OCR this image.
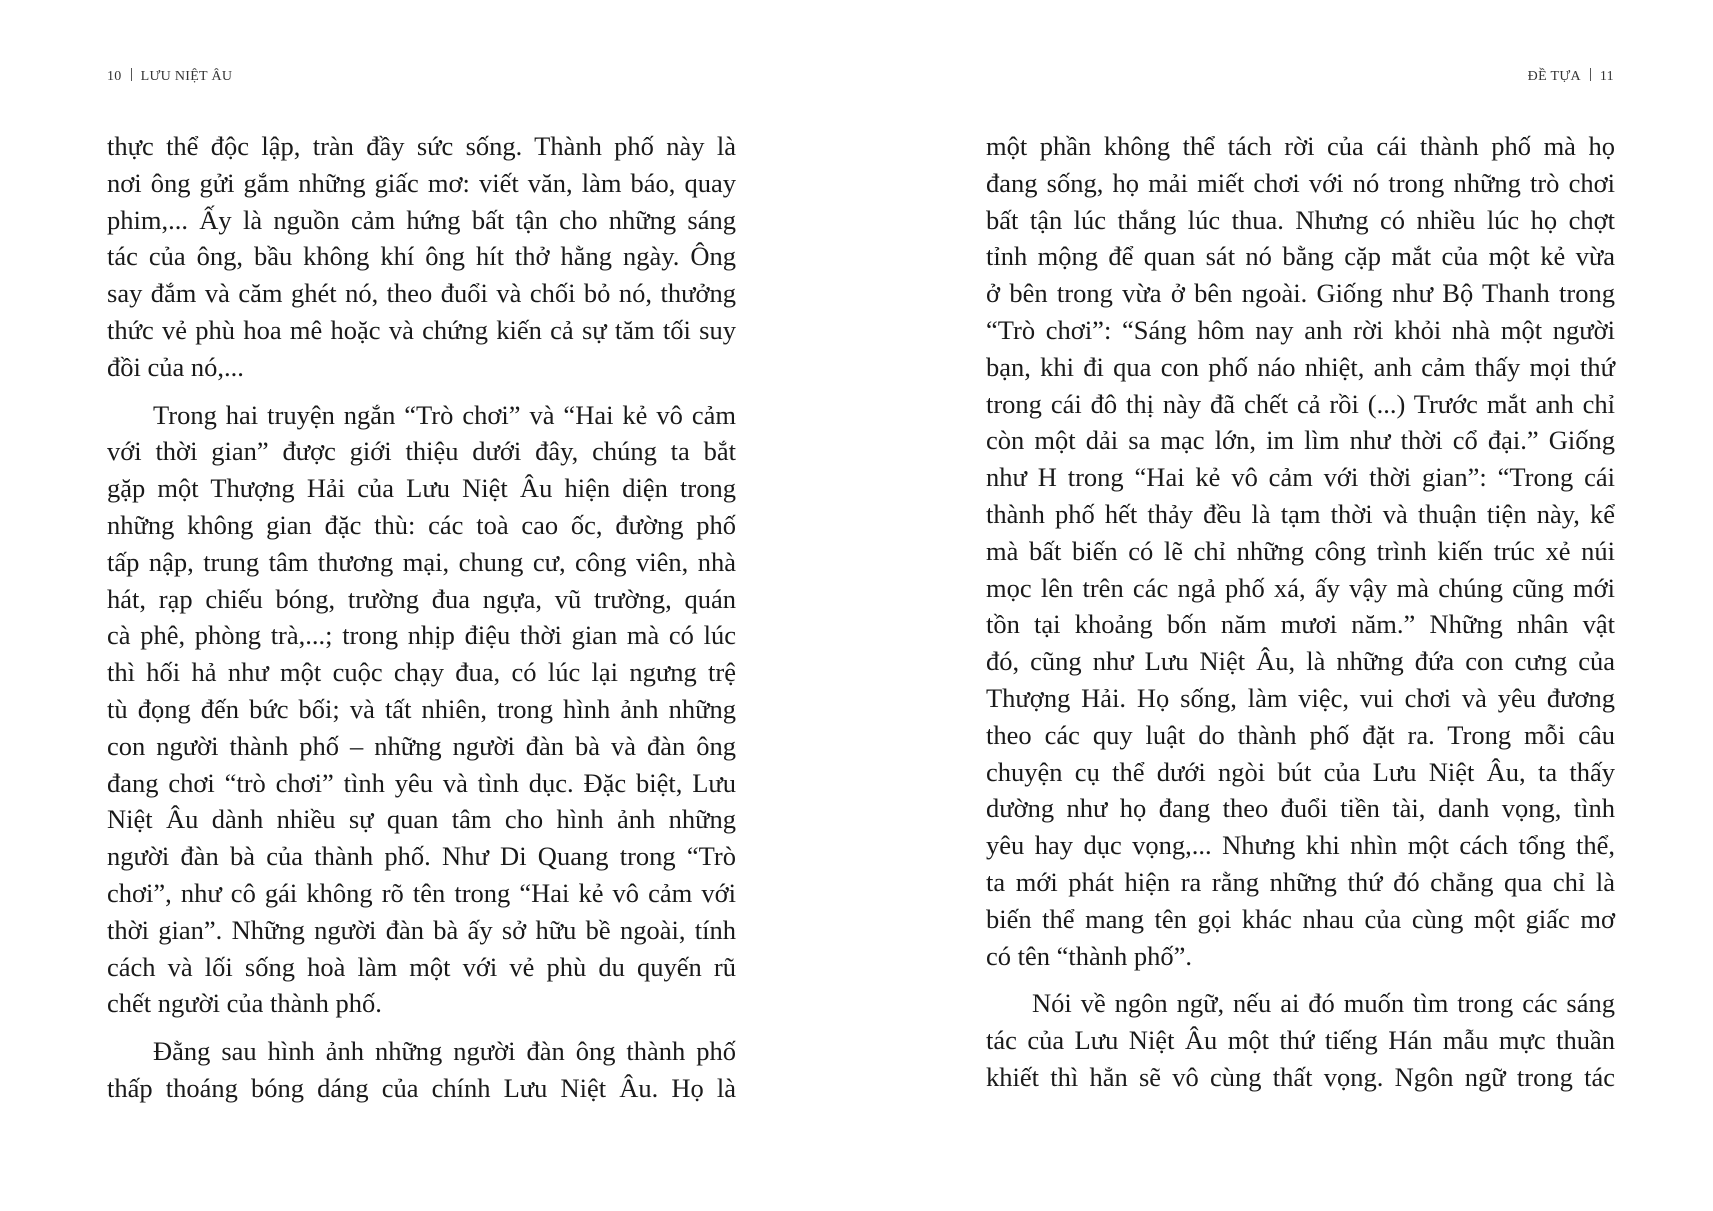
10 LƯU NIỆT ÂU	ĐỀ TỰA 11
thực thể độc lập, tràn đầy sức sống. Thành phố này là
nơi ông gửi gắm những giấc mơ: viết văn, làm báo, quay
phim,... Ấy là nguồn cảm hứng bất tận cho những sáng
tác của ông, bầu không khí ông hít thở hằng ngày. Ông
say đắm và căm ghét nó, theo đuổi và chối bỏ nó, thưởng
thức vẻ phù hoa mê hoặc và chứng kiến cả sự tăm tối suy
đồi của nó,...
Trong hai truyện ngắn “Trò chơi” và “Hai kẻ vô cảm
với thời gian” được giới thiệu dưới đây, chúng ta bắt
gặp một Thượng Hải của Lưu Niệt Âu hiện diện trong
những không gian đặc thù: các toà cao ốc, đường phố
tấp nập, trung tâm thương mại, chung cư, công viên, nhà
hát, rạp chiếu bóng, trường đua ngựa, vũ trường, quán
cà phê, phòng trà,...; trong nhịp điệu thời gian mà có lúc
thì hối hả như một cuộc chạy đua, có lúc lại ngưng trệ
tù đọng đến bức bối; và tất nhiên, trong hình ảnh những
con người thành phố – những người đàn bà và đàn ông
đang chơi “trò chơi” tình yêu và tình dục. Đặc biệt, Lưu
Niệt Âu dành nhiều sự quan tâm cho hình ảnh những
người đàn bà của thành phố. Như Di Quang trong “Trò
chơi”, như cô gái không rõ tên trong “Hai kẻ vô cảm với
thời gian”. Những người đàn bà ấy sở hữu bề ngoài, tính
cách và lối sống hoà làm một với vẻ phù du quyến rũ
chết người của thành phố.
Đằng sau hình ảnh những người đàn ông thành phố
thấp thoáng bóng dáng của chính Lưu Niệt Âu. Họ là
một phần không thể tách rời của cái thành phố mà họ
đang sống, họ mải miết chơi với nó trong những trò chơi
bất tận lúc thắng lúc thua. Nhưng có nhiều lúc họ chợt
tỉnh mộng để quan sát nó bằng cặp mắt của một kẻ vừa
ở bên trong vừa ở bên ngoài. Giống như Bộ Thanh trong
“Trò chơi”: “Sáng hôm nay anh rời khỏi nhà một người
bạn, khi đi qua con phố náo nhiệt, anh cảm thấy mọi thứ
trong cái đô thị này đã chết cả rồi (...) Trước mắt anh chỉ
còn một dải sa mạc lớn, im lìm như thời cổ đại.” Giống
như H trong “Hai kẻ vô cảm với thời gian”: “Trong cái
thành phố hết thảy đều là tạm thời và thuận tiện này, kể
mà bất biến có lẽ chỉ những công trình kiến trúc xẻ núi
mọc lên trên các ngả phố xá, ấy vậy mà chúng cũng mới
tồn tại khoảng bốn năm mươi năm.” Những nhân vật
đó, cũng như Lưu Niệt Âu, là những đứa con cưng của
Thượng Hải. Họ sống, làm việc, vui chơi và yêu đương
theo các quy luật do thành phố đặt ra. Trong mỗi câu
chuyện cụ thể dưới ngòi bút của Lưu Niệt Âu, ta thấy
dường như họ đang theo đuổi tiền tài, danh vọng, tình
yêu hay dục vọng,... Nhưng khi nhìn một cách tổng thể,
ta mới phát hiện ra rằng những thứ đó chẳng qua chỉ là
biến thể mang tên gọi khác nhau của cùng một giấc mơ
có tên “thành phố”.
Nói về ngôn ngữ, nếu ai đó muốn tìm trong các sáng
tác của Lưu Niệt Âu một thứ tiếng Hán mẫu mực thuần
khiết thì hẳn sẽ vô cùng thất vọng. Ngôn ngữ trong tác
